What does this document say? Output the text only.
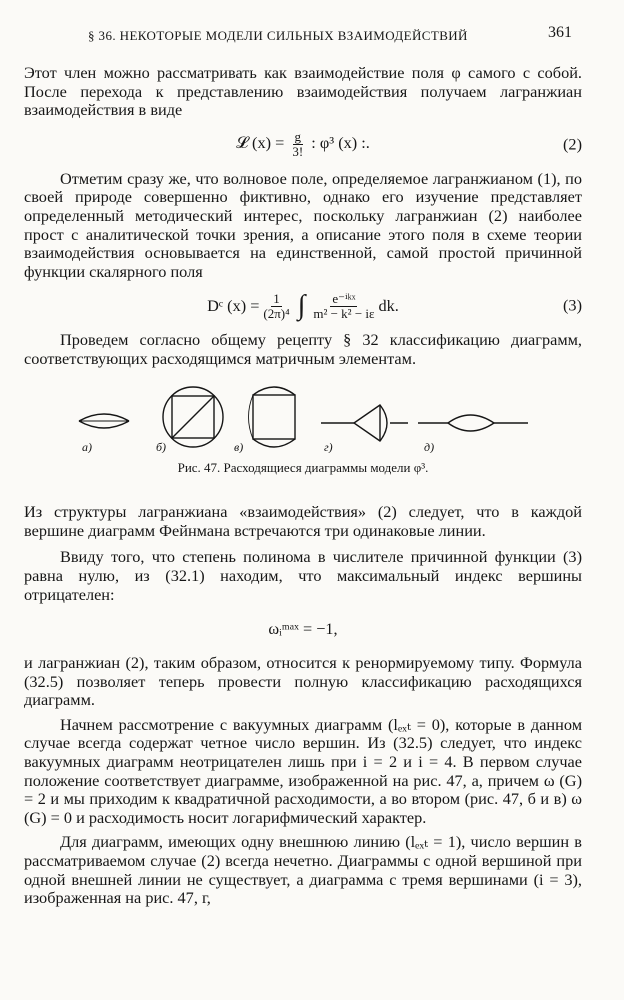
§ 36. НЕКОТОРЫЕ МОДЕЛИ СИЛЬНЫХ ВЗАИМОДЕЙСТВИЙ	361

Этот член можно рассматривать как взаимодействие поля φ самого с собой. После перехода к представлению взаимодействия получаем лагранжиан взаимодействия в виде

𝓛 $(x) = \frac{g}{3!}$ : φ³ (x) :.	(2)

Отметим сразу же, что волновое поле, определяемое лагранжианом (1), по своей природе совершенно фиктивно, однако его изучение представляет определенный методический интерес, поскольку лагранжиан (2) наиболее прост с аналитической точки зрения, а описание этого поля в схеме теории взаимодействия основывается на единственной, самой простой причинной функции скалярного поля

Dᶜ $(x) = \frac{1}{\text{(2π)⁴}}$ ∫ $\frac{\text{e⁻ⁱᵏˣ}}{\text{m² − k² − iε}}$ dk.	(3)

Проведем согласно общему рецепту § 32 классификацию диаграмм, соответствующих расходящимся матричным элементам.

а)	б)	в)	г)	д)
Рис. 47. Расходящиеся диаграммы модели φ³.

Из структуры лагранжиана «взаимодействия» (2) следует, что в каждой вершине диаграмм Фейнмана встречаются три одинаковые линии.

Ввиду того, что степень полинома в числителе причинной функции (3) равна нулю, из (32.1) находим, что максимальный индекс вершины отрицателен:

ωᵢᵐᵃˣ = −1,

и лагранжиан (2), таким образом, относится к ренормируемому типу. Формула (32.5) позволяет теперь провести полную классификацию расходящихся диаграмм.

Начнем рассмотрение с вакуумных диаграмм (lₑₓₜ = 0), которые в данном случае всегда содержат четное число вершин. Из (32.5) следует, что индекс вакуумных диаграмм неотрицателен лишь при i = 2 и i = 4. В первом случае положение соответствует диаграмме, изображенной на рис. 47, а, причем ω (G) = 2 и мы приходим к квадратичной расходимости, а во втором (рис. 47, б и в) ω (G) = 0 и расходимость носит логарифмический характер.

Для диаграмм, имеющих одну внешнюю линию (lₑₓₜ = 1), число вершин в рассматриваемом случае (2) всегда нечетно. Диаграммы с одной вершиной при одной внешней линии не существует, а диаграмма с тремя вершинами (i = 3), изображенная на рис. 47, г,
